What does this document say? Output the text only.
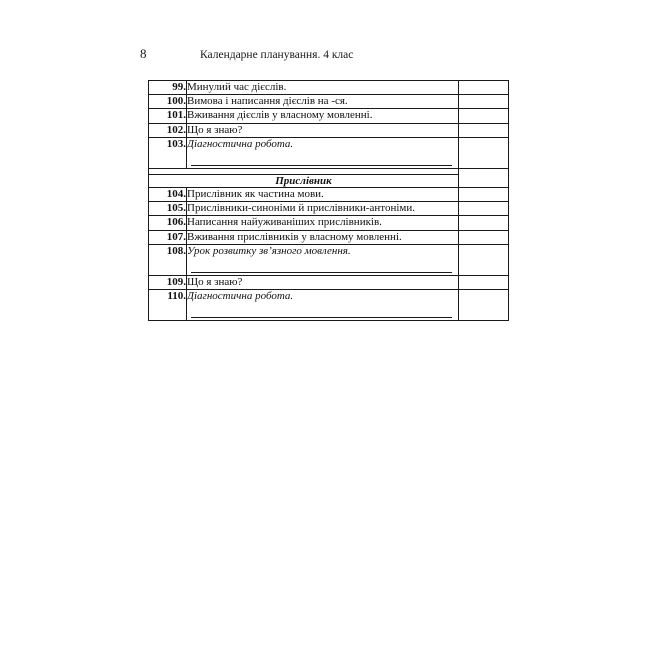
8	Календарне планування. 4 клас
99.	Минулий час дієслів.	
100.	Вимова і написання дієслів на -ся.	
101.	Вживання дієслів у власному мовленні.	
102.	Що я знаю?	
103.	Діагностична робота.	

Прислівник		
104.	Прислівник як частина мови.	
105.	Прислівники-синоніми й прислівники-антоніми.	
106.	Написання найуживаніших прислівників.	
107.	Вживання прислівників у власному мовленні.	
108.	Урок розвитку зв’язного мовлення.	

109.	Що я знаю?	
110.	Діагностична робота.	
